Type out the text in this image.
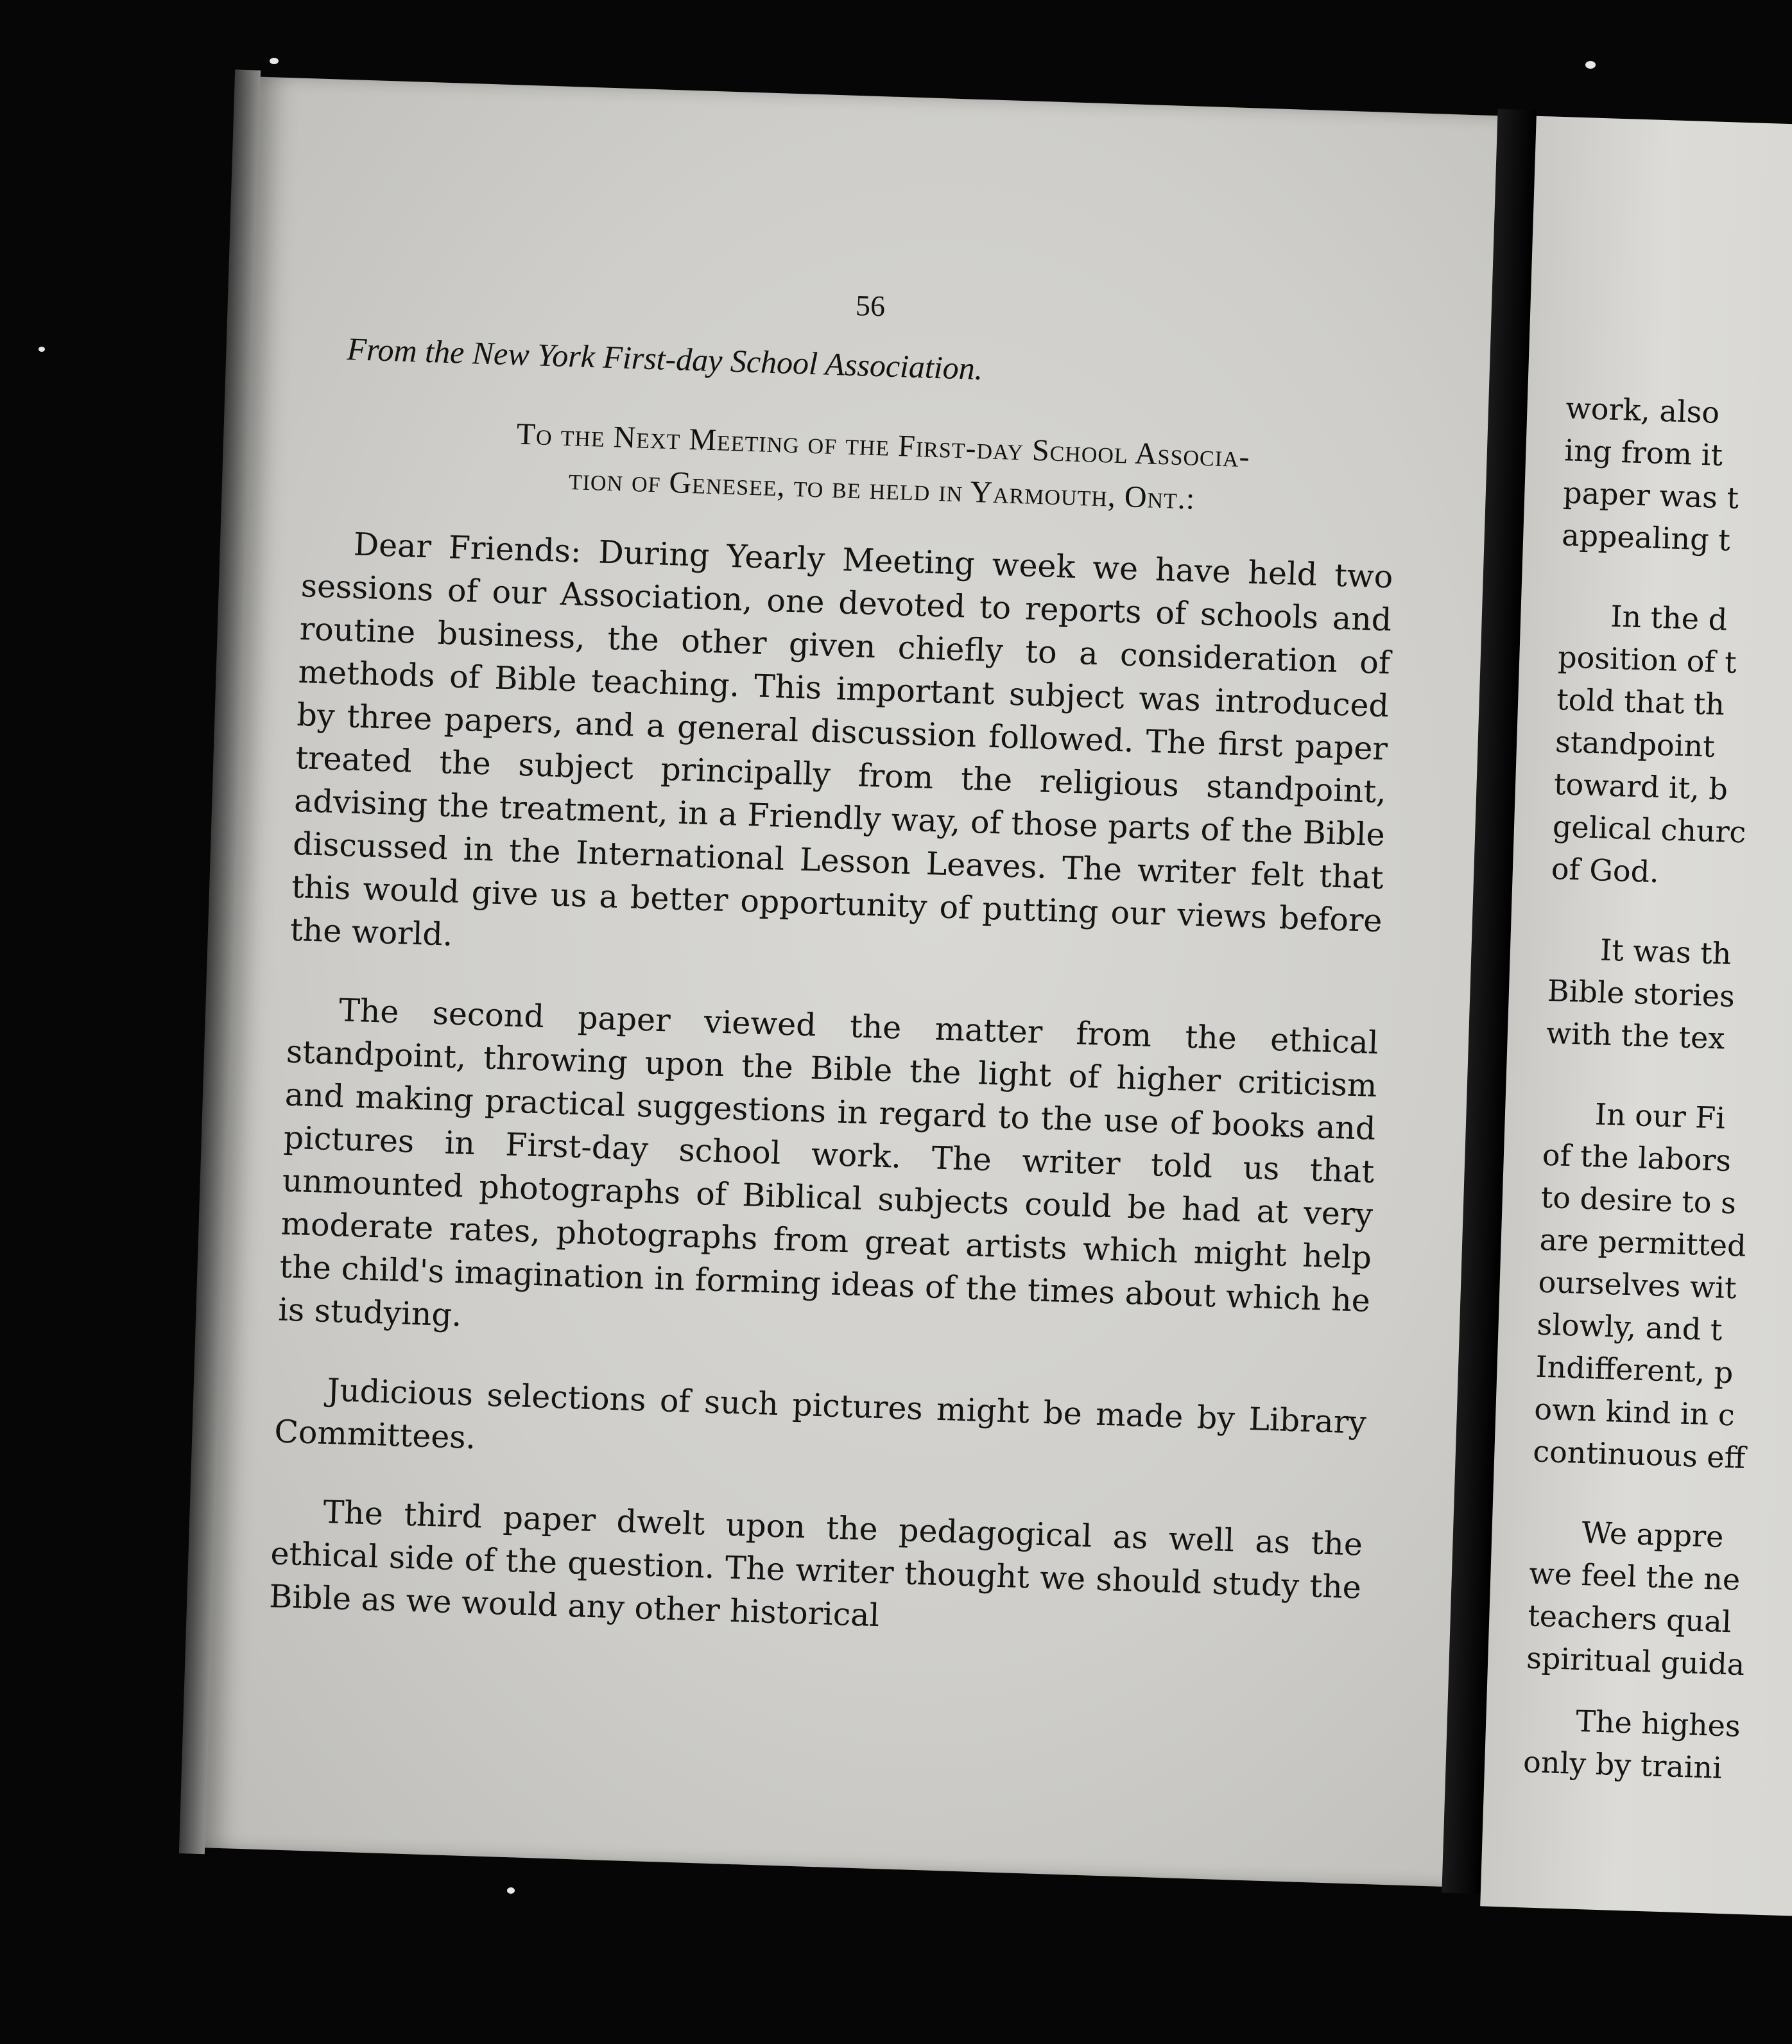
56
From the New York First-day School Association.
To the Next Meeting of the First-day School Associa-
tion of Genesee, to be held in Yarmouth, Ont.:

Dear Friends: During Yearly Meeting week we have held two sessions of our Association, one devoted to reports of schools and routine business, the other given chiefly to a consideration of methods of Bible teaching. This important subject was introduced by three papers, and a general discussion followed. The first paper treated the subject principally from the religious standpoint, advising the treatment, in a Friendly way, of those parts of the Bible discussed in the International Lesson Leaves. The writer felt that this would give us a better opportunity of putting our views before the world.

The second paper viewed the matter from the ethical standpoint, throwing upon the Bible the light of higher criticism and making practical suggestions in regard to the use of books and pictures in First-day school work. The writer told us that unmounted photographs of Biblical subjects could be had at very moderate rates, photographs from great artists which might help the child's imagination in forming ideas of the times about which he is studying.

Judicious selections of such pictures might be made by Library Committees.

The third paper dwelt upon the pedagogical as well as the ethical side of the question. The writer thought we should study the Bible as we would any other historical

work, also
ing from it
paper was t
appealing t
In the d
position of t
told that th
standpoint
toward it, b
gelical churc
of God.
It was th
Bible stories
with the tex
In our Fi
of the labors
to desire to s
are permitted
ourselves wit
slowly, and t
Indifferent, p
own kind in c
continuous eff
We appre
we feel the ne
teachers qual
spiritual guida
The highes
only by traini
